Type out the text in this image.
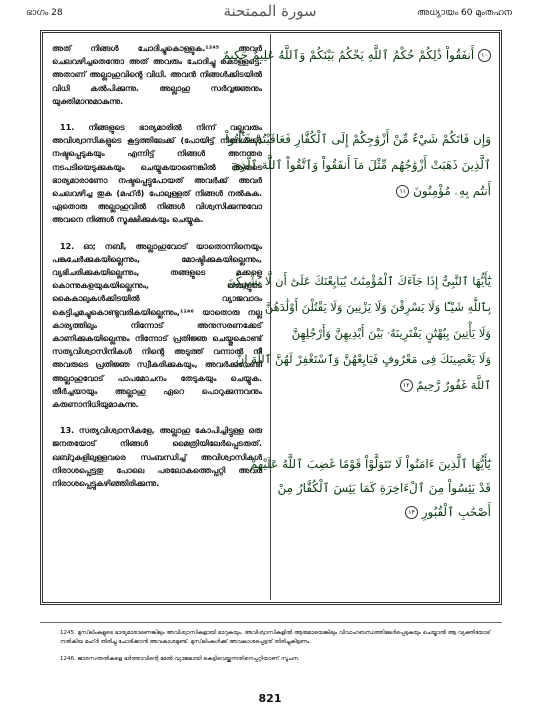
ഭാഗം 28	سورة الممتحنة	അധ്യായം 60 മുംതഹന

അത് നിങ്ങൾ ചോദിച്ചുകൊള്ളുക.¹²⁴⁵ അവർ ചെലവഴിച്ചതെന്തോ അത് അവരും ചോദിച്ചു കൊള്ളട്ടെ. അതാണ് അല്ലാഹുവിന്റെ വിധി. അവൻ നിങ്ങൾക്കിടയിൽ വിധി കൽപിക്കുന്നു. അല്ലാഹു സർവ്വജ്ഞനും യുക്തിമാനുമാകുന്നു.

11. നിങ്ങളുടെ ഭാര്യമാരിൽ നിന്ന് വല്ലവരും അവിശ്വാസികളുടെ കൂട്ടത്തിലേക്ക് (പോയിട്ട് നിങ്ങൾക്ക്) നഷ്ടപ്പെടുകയും എന്നിട്ട് നിങ്ങൾ അനന്തര നടപടിയെടുക്കുകയും ചെയ്യുകയാണെങ്കിൽ ആരുടെ ഭാര്യമാരാണോ നഷ്ടപ്പെട്ടുപോയത് അവർക്ക് അവർ ചെലവഴിച്ച തുക (മഹ്‌ർ) പോലുള്ളത് നിങ്ങൾ നൽകുക. ഏതൊരു അല്ലാഹുവിൽ നിങ്ങൾ വിശ്വസിക്കുന്നുവോ അവനെ നിങ്ങൾ സൂക്ഷിക്കുകയും ചെയ്യുക.

12. ഓ; നബീ, അല്ലാഹുവോട് യാതൊന്നിനെയും പങ്കുചേർക്കുകയില്ലെന്നും, മോഷ്ടിക്കുകയില്ലെന്നും, വ്യഭിചരിക്കുകയില്ലെന്നും, തങ്ങളുടെ മക്കളെ കൊന്നുകളയുകയില്ലെന്നും, തങ്ങളുടെ കൈകാലുകൾക്കിടയിൽ വ്യാജവാദം കെട്ടിച്ചമച്ചുകൊണ്ടുവരികയില്ലെന്നും,¹²⁴⁶ യാതൊരു നല്ല കാര്യത്തിലും നിന്നോട് അനുസരണക്കേട് കാണിക്കുകയില്ലെന്നും നിന്നോട് പ്രതിജ്ഞ ചെയ്തുകൊണ്ട് സത്യവിശ്വാസിനികൾ നിന്റെ അടുത്ത് വന്നാൽ നീ അവരുടെ പ്രതിജ്ഞ സ്വീകരിക്കുകയും, അവർക്കുവേണ്ടി അല്ലാഹുവോട് പാപമോചനം തേടുകയും ചെയ്യുക. തീർച്ചയായും അല്ലാഹു ഏറെ പൊറുക്കുന്നവനും കരുണാനിധിയുമാകുന്നു.

13. സത്യവിശ്വാസികളേ, അല്ലാഹു കോപിച്ചിട്ടുള്ള ഒരു ജനതയോട് നിങ്ങൾ മൈത്രിയിലേർപ്പെടരുത്. ഖബ്റുകളിലുള്ളവരെ സംബന്ധിച്ച് അവിശ്വാസികൾ നിരാശപ്പെട്ടതു പോലെ പരലോകത്തെപ്പറ്റി അവർ നിരാശപ്പെട്ടുകഴിഞ്ഞിരിക്കുന്നു.

١٠ أَنفَقُواْ ذَٰلِكُمْ حُكْمُ ٱللَّهِ يَحْكُمُ بَيْنَكُمْ وَٱللَّهُ عَلِيمٌ حَكِيمٌ
وَإِن فَاتَكُمْ شَيْءٌ مِّنْ أَزْوَٰجِكُمْ إِلَى ٱلْكُفَّارِ فَعَاقَبْتُمْ فَـَٔاتُواْ
ٱلَّذِينَ ذَهَبَتْ أَزْوَٰجُهُم مِّثْلَ مَآ أَنفَقُواْ وَٱتَّقُواْ ٱللَّهَ ٱلَّذِىٓ
أَنتُم بِهِۦ مُؤْمِنُونَ ١١
يَٰٓأَيُّهَا ٱلنَّبِىُّ إِذَا جَآءَكَ ٱلْمُؤْمِنَٰتُ يُبَايِعْنَكَ عَلَىٰٓ أَن لَّا يُشْرِكْنَ
بِٱللَّهِ شَيْـًٔا وَلَا يَسْرِقْنَ وَلَا يَزْنِينَ وَلَا يَقْتُلْنَ أَوْلَٰدَهُنَّ
وَلَا يَأْتِينَ بِبُهْتَٰنٍ يَفْتَرِينَهُۥ بَيْنَ أَيْدِيهِنَّ وَأَرْجُلِهِنَّ
وَلَا يَعْصِينَكَ فِى مَعْرُوفٍ فَبَايِعْهُنَّ وَٱسْتَغْفِرْ لَهُنَّ ٱللَّهَ إِنَّ
ٱللَّهَ غَفُورٌ رَّحِيمٌ ١٢
يَٰٓأَيُّهَا ٱلَّذِينَ ءَامَنُواْ لَا تَتَوَلَّوْاْ قَوْمًا غَضِبَ ٱللَّهُ عَلَيْهِمْ
قَدْ يَئِسُواْ مِنَ ٱلْءَاخِرَةِ كَمَا يَئِسَ ٱلْكُفَّارُ مِنْ
أَصْحَٰبِ ٱلْقُبُورِ ١٣
1245. മുസ്‌ലിംകളുടെ ഭാര്യമാരാണെങ്കിലും അവിശ്വാസികളായി മാറുകയും, അവിശ്വാസികളിൽ ആരുമായെങ്കിലും വിവാഹബന്ധത്തിലേർപ്പെടുകയും ചെയ്താൽ ആ വ്യക്തിയോട് നൽകിയ മഹ്‌ർ തിരിച്ചു ചോദിക്കാൻ അവകാശമുണ്ട്. മുസ്‌ലിംകൾക്ക് അവകാശപ്പെട്ടത് തിരിച്ചുകിട്ടണം.
1246. ജാരസന്തതികളെ ഭർത്താവിന്റെ മേൽ വ്യാജമായി കെട്ടിവെയ്ക്കുന്നതിനെപ്പറ്റിയാണ് സൂചന.
821
